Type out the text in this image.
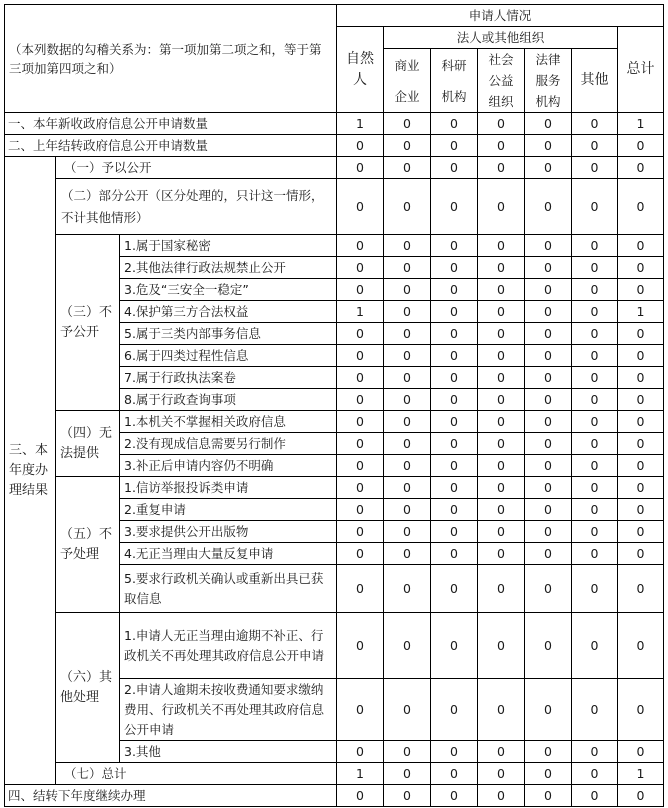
（本列数据的勾稽关系为：第一项加第二项之和，等于第三项加第四项之和）			申请人情况						
			自然人	法人或其他组织					总计
				商业企业	科研机构	社会公益组织	法律服务机构	其他	
一、本年新收政府信息公开申请数量			1	0	0	0	0	0	1
二、上年结转政府信息公开申请数量			0	0	0	0	0	0	0
三、本年度办理结果	（一）予以公开		0	0	0	0	0	0	0
	（二）部分公开（区分处理的，只计这一情形，不计其他情形）		0	0	0	0	0	0	0
	（三）不予公开	1.属于国家秘密	0	0	0	0	0	0	0
		2.其他法律行政法规禁止公开	0	0	0	0	0	0	0
		3.危及“三安全一稳定”	0	0	0	0	0	0	0
		4.保护第三方合法权益	1	0	0	0	0	0	1
		5.属于三类内部事务信息	0	0	0	0	0	0	0
		6.属于四类过程性信息	0	0	0	0	0	0	0
		7.属于行政执法案卷	0	0	0	0	0	0	0
		8.属于行政查询事项	0	0	0	0	0	0	0
	（四）无法提供	1.本机关不掌握相关政府信息	0	0	0	0	0	0	0
		2.没有现成信息需要另行制作	0	0	0	0	0	0	0
		3.补正后申请内容仍不明确	0	0	0	0	0	0	0
	（五）不予处理	1.信访举报投诉类申请	0	0	0	0	0	0	0
		2.重复申请	0	0	0	0	0	0	0
		3.要求提供公开出版物	0	0	0	0	0	0	0
		4.无正当理由大量反复申请	0	0	0	0	0	0	0
		5.要求行政机关确认或重新出具已获取信息	0	0	0	0	0	0	0
	（六）其他处理	1.申请人无正当理由逾期不补正、行政机关不再处理其政府信息公开申请	0	0	0	0	0	0	0
		2.申请人逾期未按收费通知要求缴纳费用、行政机关不再处理其政府信息公开申请	0	0	0	0	0	0	0
		3.其他	0	0	0	0	0	0	0
	（七）总计		1	0	0	0	0	0	1
四、结转下年度继续办理			0	0	0	0	0	0	0
